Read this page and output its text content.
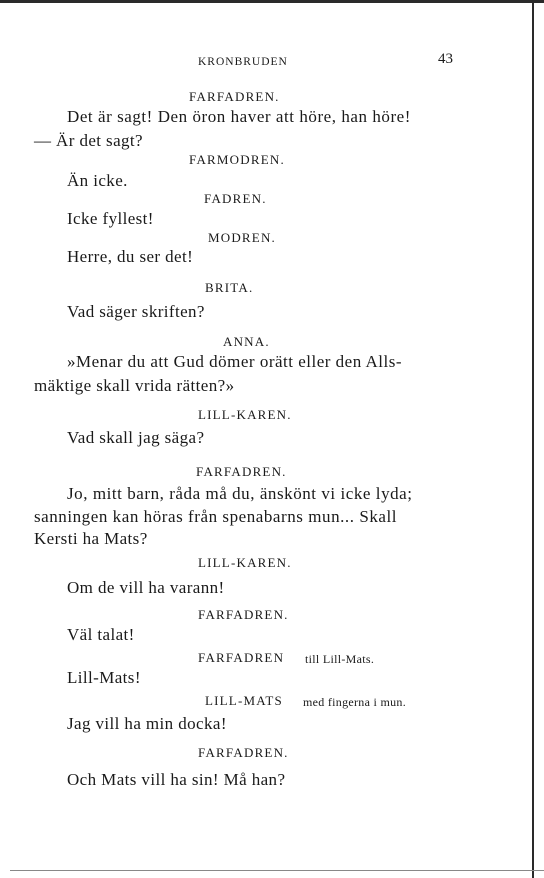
KRONBRUDEN	43
FARFADREN.
Det är sagt! Den öron haver att höre, han höre!
— Är det sagt?
FARMODREN.
Än icke.
FADREN.
Icke fyllest!
MODREN.
Herre, du ser det!
BRITA.
Vad säger skriften?
ANNA.
»Menar du att Gud dömer orätt eller den Alls-
mäktige skall vrida rätten?»
LILL-KAREN.
Vad skall jag säga?
FARFADREN.
Jo, mitt barn, råda må du, änskönt vi icke lyda;
sanningen kan höras från spenabarns mun... Skall
Kersti ha Mats?
LILL-KAREN.
Om de vill ha varann!
FARFADREN.
Väl talat!
FARFADREN till Lill-Mats.
Lill-Mats!
LILL-MATS med fingerna i mun.
Jag vill ha min docka!
FARFADREN.
Och Mats vill ha sin! Må han?
